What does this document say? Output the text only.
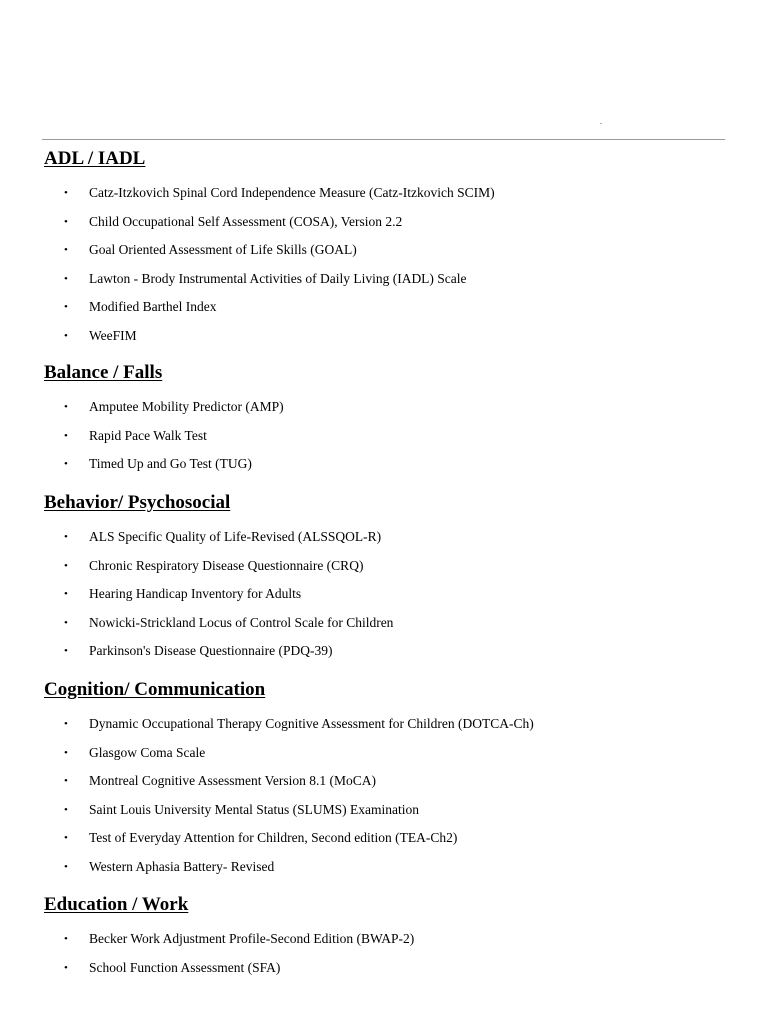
ADL / IADL
• Catz-Itzkovich Spinal Cord Independence Measure (Catz-Itzkovich SCIM)
• Child Occupational Self Assessment (COSA), Version 2.2
• Goal Oriented Assessment of Life Skills (GOAL)
• Lawton - Brody Instrumental Activities of Daily Living (IADL) Scale
• Modified Barthel Index
• WeeFIM
Balance / Falls
• Amputee Mobility Predictor (AMP)
• Rapid Pace Walk Test
• Timed Up and Go Test (TUG)
Behavior/ Psychosocial
• ALS Specific Quality of Life-Revised (ALSSQOL-R)
• Chronic Respiratory Disease Questionnaire (CRQ)
• Hearing Handicap Inventory for Adults
• Nowicki-Strickland Locus of Control Scale for Children
• Parkinson's Disease Questionnaire (PDQ-39)
Cognition/ Communication
• Dynamic Occupational Therapy Cognitive Assessment for Children (DOTCA-Ch)
• Glasgow Coma Scale
• Montreal Cognitive Assessment Version 8.1 (MoCA)
• Saint Louis University Mental Status (SLUMS) Examination
• Test of Everyday Attention for Children, Second edition (TEA-Ch2)
• Western Aphasia Battery- Revised
Education / Work
• Becker Work Adjustment Profile-Second Edition (BWAP-2)
• School Function Assessment (SFA)
